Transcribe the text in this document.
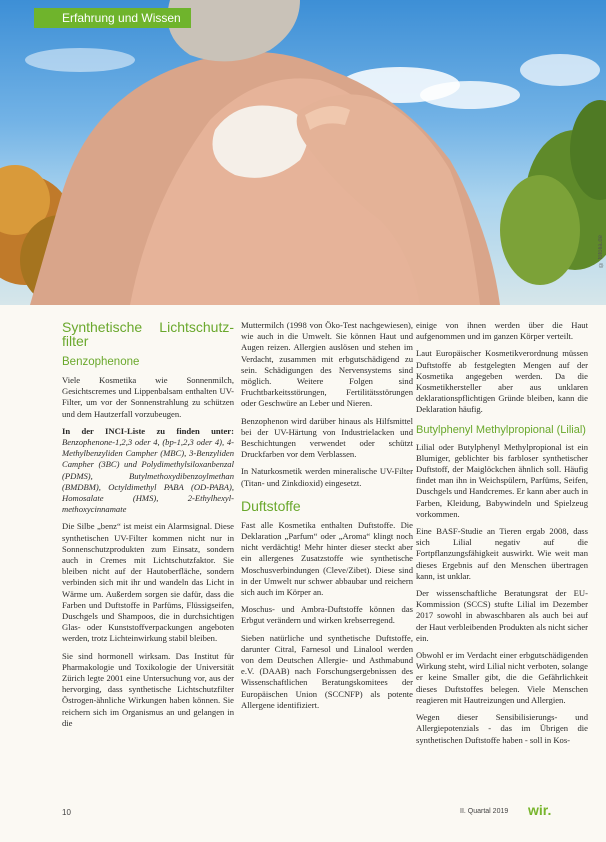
Erfahrung und Wissen
© fotolia.de
Synthetische Lichtschutz-filter
Benzophenone

Viele Kosmetika wie Sonnenmilch, Gesichtscremes und Lippenbalsam enthalten UV-Filter, um vor der Sonnenstrahlung zu schützen und dem Hautzerfall vorzubeugen.

In der INCI-Liste zu finden unter: Benzophenone-1,2,3 oder 4, (bp-1,2,3 oder 4), 4-Methylbenzyliden Campher (MBC), 3-Benzyliden Campher (3BC) und Polydimethylsiloxanbenzal (PDMS), Butylmethoxydibenzoylmethan (BMDBM), Octyldimethyl PABA (OD-PABA), Homosalate (HMS), 2-Ethylhexyl-methoxycinnamate

Die Silbe „benz“ ist meist ein Alarmsignal. Diese synthetischen UV-Filter kommen nicht nur in Sonnenschutzprodukten zum Einsatz, sondern auch in Cremes mit Lichtschutzfaktor. Sie bleiben nicht auf der Hautoberfläche, sondern verbinden sich mit ihr und wandeln das Licht in Wärme um. Außerdem sorgen sie dafür, dass die Farben und Duftstoffe in Parfüms, Flüssigseifen, Duschgels und Shampoos, die in durchsichtigen Glas- oder Kunststoffverpackungen angeboten werden, trotz Lichteinwirkung stabil bleiben.

Sie sind hormonell wirksam. Das Institut für Pharmakologie und Toxikologie der Universität Zürich legte 2001 eine Untersuchung vor, aus der hervorging, dass synthetische Lichtschutzfilter Östrogen-ähnliche Wirkungen haben können. Sie reichern sich im Organismus an und gelangen in die

Muttermilch (1998 von Öko-Test nachgewiesen), wie auch in die Umwelt. Sie können Haut und Augen reizen. Allergien auslösen und stehen im Verdacht, zusammen mit erbgutschädigend zu sein. Schädigungen des Nervensystems sind möglich. Weitere Folgen sind Fruchtbarkeitsstörungen, Fertilitätsstörungen oder Geschwüre an Leber und Nieren.

Benzophenon wird darüber hinaus als Hilfsmittel bei der UV-Härtung von Industrielacken und Beschichtungen verwendet oder schützt Druckfarben vor dem Verblassen.

In Naturkosmetik werden mineralische UV-Filter (Titan- und Zinkdioxid) eingesetzt.

Duftstoffe

Fast alle Kosmetika enthalten Duftstoffe. Die Deklaration „Parfum“ oder „Aroma“ klingt noch nicht verdächtig! Mehr hinter dieser steckt aber ein allergenes Zusatzstoffe wie synthetische Moschusverbindungen (Cleve/Zibet). Diese sind in der Umwelt nur schwer abbaubar und reichern sich auch im Körper an.

Moschus- und Ambra-Duftstoffe können das Erbgut verändern und wirken krebserregend.

Sieben natürliche und synthetische Duftstoffe, darunter Citral, Farnesol und Linalool werden von dem Deutschen Allergie- und Asthmabund e.V. (DAAB) nach Forschungsergebnissen des Wissenschaftlichen Beratungskomitees der Europäischen Union (SCCNFP) als potente Allergene identifiziert.

einige von ihnen werden über die Haut aufgenommen und im ganzen Körper verteilt.

Laut Europäischer Kosmetikverordnung müssen Duftstoffe ab festgelegten Mengen auf der Kosmetika angegeben werden. Da die Kosmetikhersteller aber aus unklaren deklarationspflichtigen Gründe bleiben, kann die Deklaration häufig.

Butylphenyl Methylpropional (Lilial)

Lilial oder Butylphenyl Methylpropional ist ein Blumiger, geblichter bis farbloser synthetischer Duftstoff, der Maiglöckchen ähnlich soll. Häufig findet man ihn in Weichspülern, Parfüms, Seifen, Duschgels und Handcremes. Er kann aber auch in Farben, Kleidung, Babywindeln und Spielzeug vorkommen.

Eine BASF-Studie an Tieren ergab 2008, dass sich Lilial negativ auf die Fortpflanzungsfähigkeit auswirkt. Wie weit man dieses Ergebnis auf den Menschen übertragen kann, ist unklar.

Der wissenschaftliche Beratungsrat der EU-Kommission (SCCS) stufte Lilial im Dezember 2017 sowohl in abwaschbaren als auch bei auf der Haut verbleibenden Produkten als nicht sicher ein.

Obwohl er im Verdacht einer erbgutschädigenden Wirkung steht, wird Lilial nicht verboten, solange er keine Smaller gibt, die die Gefährlichkeit dieses Duftstoffes belegen. Viele Menschen reagieren mit Hautreizungen und Allergien.

Wegen dieser Sensibilisierungs- und Allergiepotenzials - das im Übrigen die synthetischen Duftstoffe haben - soll in Kos-

10	II. Quartal 2019 wir.
